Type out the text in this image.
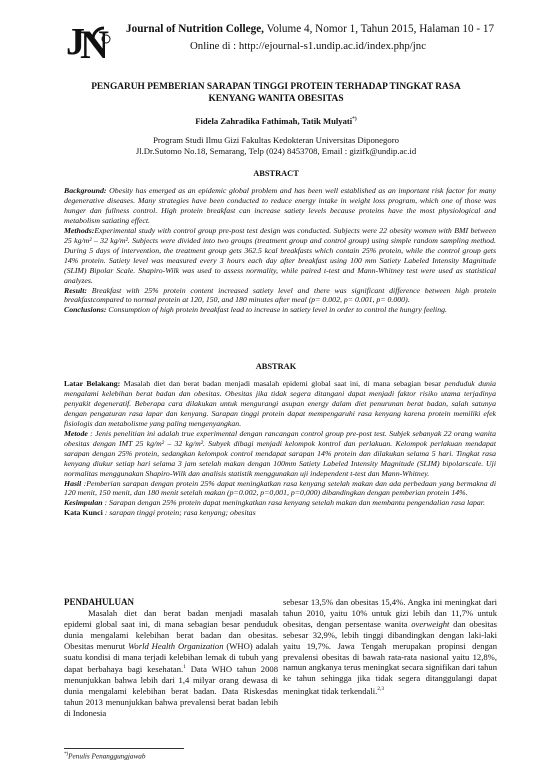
J
N Journal of Nutrition College, Volume 4, Nomor 1, Tahun 2015, Halaman 10 - 17
Online di : http://ejournal-s1.undip.ac.id/index.php/jnc
PENGARUH PEMBERIAN SARAPAN TINGGI PROTEIN TERHADAP TINGKAT RASA
KENYANG WANITA OBESITAS
Fidela Zahradika Fathimah, Tatik Mulyati*)
Program Studi Ilmu Gizi Fakultas Kedokteran Universitas Diponegoro
Jl.Dr.Sutomo No.18, Semarang, Telp (024) 8453708, Email : gizifk@undip.ac.id
ABSTRACT

Background: Obesity has emerged as an epidemic global problem and has been well established as an important risk factor for many degenerative diseases. Many strategies have been conducted to reduce energy intake in weight loss program, which one of those was hunger dan fullness control. High protein breakfast can increase satiety levels because proteins have the most physiological and metabolism satiating effect.

Methods:Experimental study with control group pre-post test design was conducted. Subjects were 22 obesity women with BMI between 25 kg/m² – 32 kg/m². Subjects were divided into two groups (treatment group and control group) using simple random sampling method. During 5 days of intervention, the treatment group gets 362.5 kcal breakfasts which contain 25% protein, while the control group gets 14% protein. Satiety level was measured every 3 hours each day after breakfast using 100 mm Satiety Labeled Intensity Magnitude (SLIM) Bipolar Scale. Shapiro-Wilk was used to assess normality, while paired t-test and Mann-Whitney test were used as statistical analyzes.

Result: Breakfast with 25% protein content increased satiety level and there was significant difference between high protein breakfastcompared to normal protein at 120, 150, and 180 minutes after meal (p= 0.002, p= 0.001, p= 0.000).

Conclusions: Consumption of high protein breakfast lead to increase in satiety level in order to control the hungry feeling.

ABSTRAK

Latar Belakang: Masalah diet dan berat badan menjadi masalah epidemi global saat ini, di mana sebagian besar penduduk dunia mengalami kelebihan berat badan dan obesitas. Obesitas jika tidak segera ditangani dapat menjadi faktor risiko utama terjadinya penyakit degeneratif. Beberapa cara dilakukan untuk mengurangi asupan energy dalam diet penurunan berat badan, salah satunya dengan pengaturan rasa lapar dan kenyang. Sarapan tinggi protein dapat mempengaruhi rasa kenyang karena protein memiliki efek fisiologis dan metabolisme yang paling mengenyangkan.

Metode : Jenis penelitian ini adalah true experimental dengan rancangan control group pre-post test. Subjek sebanyak 22 orang wanita obesitas dengan IMT 25 kg/m² – 32 kg/m². Subyek dibagi menjadi kelompok kontrol dan perlakuan. Kelompok perlakuan mendapat sarapan dengan 25% protein, sedangkan kelompok control mendapat sarapan 14% protein dan dilakukan selama 5 hari. Tingkat rasa kenyang diukur setiap hari selama 3 jam setelah makan dengan 100mm Satiety Labeled Intensity Magnitude (SLIM) bipolarscale. Uji normalitas menggunakan Shapiro-Wilk dan analisis statistik menggunakan uji independent t-test dan Mann-Whitney.

Hasil :Pemberian sarapan dengan protein 25% dapat meningkatkan rasa kenyang setelah makan dan ada perbedaan yang bermakna di 120 menit, 150 menit, dan 180 menit setelah makan (p=0.002, p=0,001, p=0,000) dibandingkan dengan pemberian protein 14%.

Kesimpulan : Sarapan dengan 25% protein dapat meningkatkan rasa kenyang setelah makan dan membantu pengendalian rasa lapar.

Kata Kunci : sarapan tinggi protein; rasa kenyang; obesitas

PENDAHULUAN

Masalah diet dan berat badan menjadi masalah epidemi global saat ini, di mana sebagian besar penduduk dunia mengalami kelebihan berat badan dan obesitas. Obesitas menurut World Health Organization (WHO) adalah suatu kondisi di mana terjadi kelebihan lemak di tubuh yang dapat berbahaya bagi kesehatan.$^1$ Data WHO tahun 2008 menunjukkan bahwa lebih dari 1,4 milyar orang dewasa di dunia mengalami kelebihan berat badan. Data Riskesdas tahun 2013 menunjukkan bahwa prevalensi berat badan lebih di Indonesia

sebesar 13,5% dan obesitas 15,4%. Angka ini meningkat dari tahun 2010, yaitu 10% untuk gizi lebih dan 11,7% untuk obesitas, dengan persentase wanita overweight dan obesitas sebesar 32,9%, lebih tinggi dibandingkan dengan laki-laki yaitu 19,7%. Jawa Tengah merupakan propinsi dengan prevalensi obesitas di bawah rata-rata nasional yaitu 12,8%, namun angkanya terus meningkat secara signifikan dari tahun ke tahun sehingga jika tidak segera ditanggulangi dapat meningkat tidak terkendali.$^{2,3}$

*)Penulis Penanggungjawab
